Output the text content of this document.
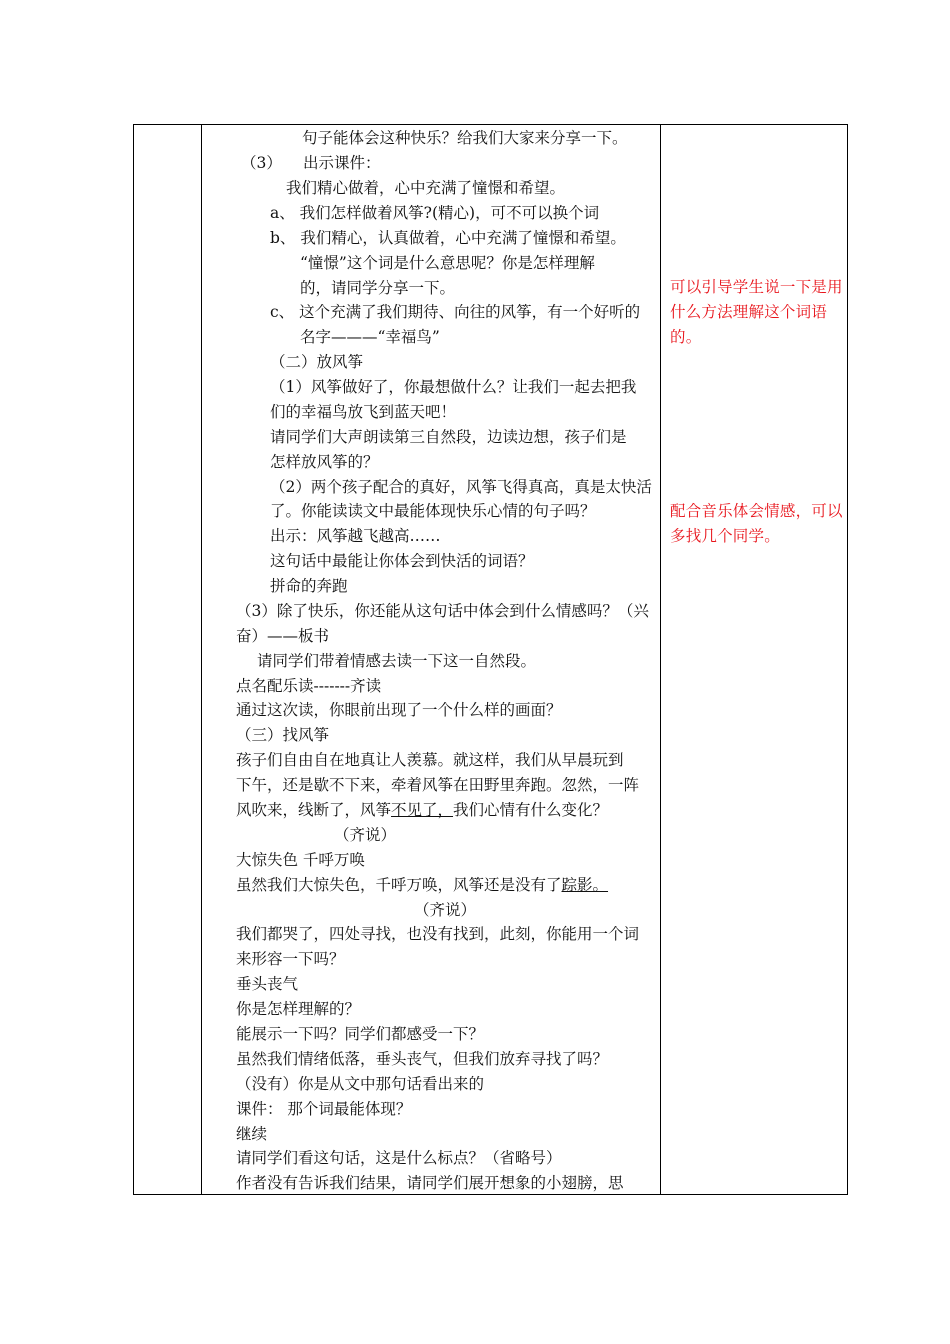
句子能体会这种快乐？给我们大家来分享一下。
（3） 出示课件：
我们精心做着，心中充满了憧憬和希望。
a、 我们怎样做着风筝?(精心)，可不可以换个词
b、 我们精心，认真做着，心中充满了憧憬和希望。
“憧憬”这个词是什么意思呢？你是怎样理解
的，请同学分享一下。
c、 这个充满了我们期待、向往的风筝，有一个好听的
名字———“幸福鸟”
（二）放风筝
（1）风筝做好了，你最想做什么？让我们一起去把我
们的幸福鸟放飞到蓝天吧！
请同学们大声朗读第三自然段，边读边想，孩子们是
怎样放风筝的？
（2）两个孩子配合的真好，风筝飞得真高，真是太快活
了。你能读读文中最能体现快乐心情的句子吗？
出示：风筝越飞越高……
这句话中最能让你体会到快活的词语？
拼命的奔跑
（3）除了快乐，你还能从这句话中体会到什么情感吗？（兴
奋）——板书
请同学们带着情感去读一下这一自然段。
点名配乐读-------齐读
通过这次读，你眼前出现了一个什么样的画面？
（三）找风筝
孩子们自由自在地真让人羡慕。就这样，我们从早晨玩到
下午，还是歇不下来，牵着风筝在田野里奔跑。忽然，一阵
风吹来，线断了，风筝不见了，我们心情有什么变化？
（齐说）
大惊失色 千呼万唤
虽然我们大惊失色，千呼万唤，风筝还是没有了踪影。
（齐说）
我们都哭了，四处寻找，也没有找到，此刻，你能用一个词
来形容一下吗？
垂头丧气
你是怎样理解的？
能展示一下吗？同学们都感受一下？
虽然我们情绪低落，垂头丧气，但我们放弃寻找了吗？
（没有）你是从文中那句话看出来的
课件： 那个词最能体现？
继续
请同学们看这句话，这是什么标点？（省略号）
作者没有告诉我们结果，请同学们展开想象的小翅膀，思
可以引导学生说一下是用什么方法理解这个词语的。
配合音乐体会情感，可以多找几个同学。
